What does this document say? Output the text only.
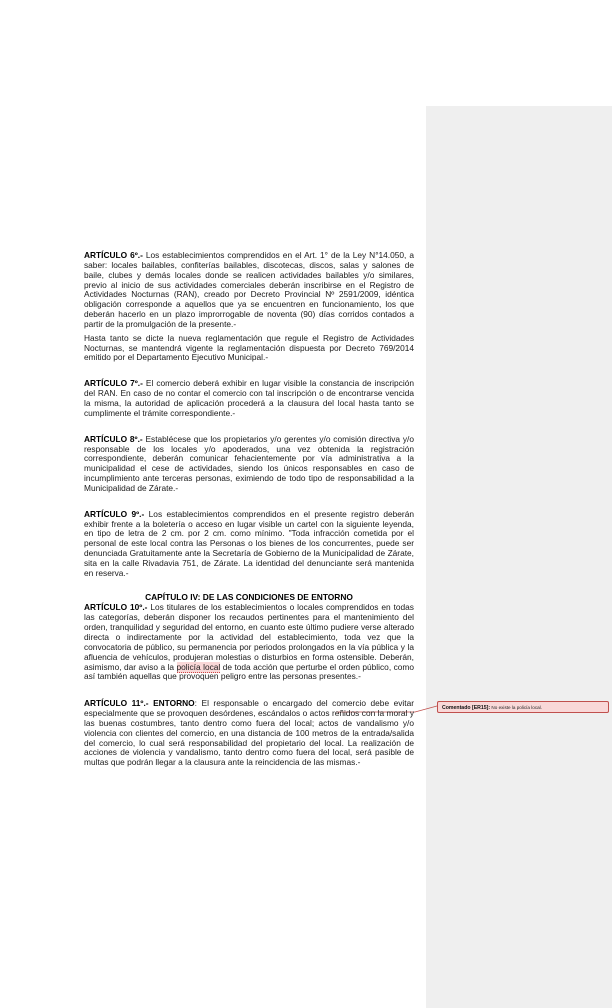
ARTÍCULO 6º.- Los establecimientos comprendidos en el Art. 1° de la Ley N°14.050, a saber: locales bailables, confiterías bailables, discotecas, discos, salas y salones de baile, clubes y demás locales donde se realicen actividades bailables y/o similares, previo al inicio de sus actividades comerciales deberán inscribirse en el Registro de Actividades Nocturnas (RAN), creado por Decreto Provincial Nº 2591/2009, idéntica obligación corresponde a aquellos que ya se encuentren en funcionamiento, los que deberán hacerlo en un plazo improrrogable de noventa (90) días corridos contados a partir de la promulgación de la presente.-

Hasta tanto se dicte la nueva reglamentación que regule el Registro de Actividades Nocturnas, se mantendrá vigente la reglamentación dispuesta por Decreto 769/2014 emitido por el Departamento Ejecutivo Municipal.-

ARTÍCULO 7º.- El comercio deberá exhibir en lugar visible la constancia de inscripción del RAN. En caso de no contar el comercio con tal inscripción o de encontrarse vencida la misma, la autoridad de aplicación procederá a la clausura del local hasta tanto se cumplimente el trámite correspondiente.-

ARTÍCULO 8º.- Establécese que los propietarios y/o gerentes y/o comisión directiva y/o responsable de los locales y/o apoderados, una vez obtenida la registración correspondiente, deberán comunicar fehacientemente por vía administrativa a la municipalidad el cese de actividades, siendo los únicos responsables en caso de incumplimiento ante terceras personas, eximiendo de todo tipo de responsabilidad a la Municipalidad de Zárate.-

ARTÍCULO 9º.- Los establecimientos comprendidos en el presente registro deberán exhibir frente a la boletería o acceso en lugar visible un cartel con la siguiente leyenda, en tipo de letra de 2 cm. por 2 cm. como mínimo. "Toda infracción cometida por el personal de este local contra las Personas o los bienes de los concurrentes, puede ser denunciada Gratuitamente ante la Secretaría de Gobierno de la Municipalidad de Zárate, sita en la calle Rivadavia 751, de Zárate. La identidad del denunciante será mantenida en reserva.-

CAPÍTULO IV: DE LAS CONDICIONES DE ENTORNO

ARTÍCULO 10º.- Los titulares de los establecimientos o locales comprendidos en todas las categorías, deberán disponer los recaudos pertinentes para el mantenimiento del orden, tranquilidad y seguridad del entorno, en cuanto este último pudiere verse alterado directa o indirectamente por la actividad del establecimiento, toda vez que la convocatoria de público, su permanencia por periodos prolongados en la vía pública y la afluencia de vehículos, produjeran molestias o disturbios en forma ostensible. Deberán, asimismo, dar aviso a la policía local de toda acción que perturbe el orden público, como así también aquellas que provoquen peligro entre las personas presentes.-

ARTÍCULO 11º.- ENTORNO: El responsable o encargado del comercio debe evitar especialmente que se provoquen desórdenes, escándalos o actos reñidos con la moral y las buenas costumbres, tanto dentro como fuera del local; actos de vandalismo y/o violencia con clientes del comercio, en una distancia de 100 metros de la entrada/salida del comercio, lo cual será responsabilidad del propietario del local. La realización de acciones de violencia y vandalismo, tanto dentro como fuera del local, será pasible de multas que podrán llegar a la clausura ante la reincidencia de las mismas.-

Comentado [ER15]: No existe la policía local.
